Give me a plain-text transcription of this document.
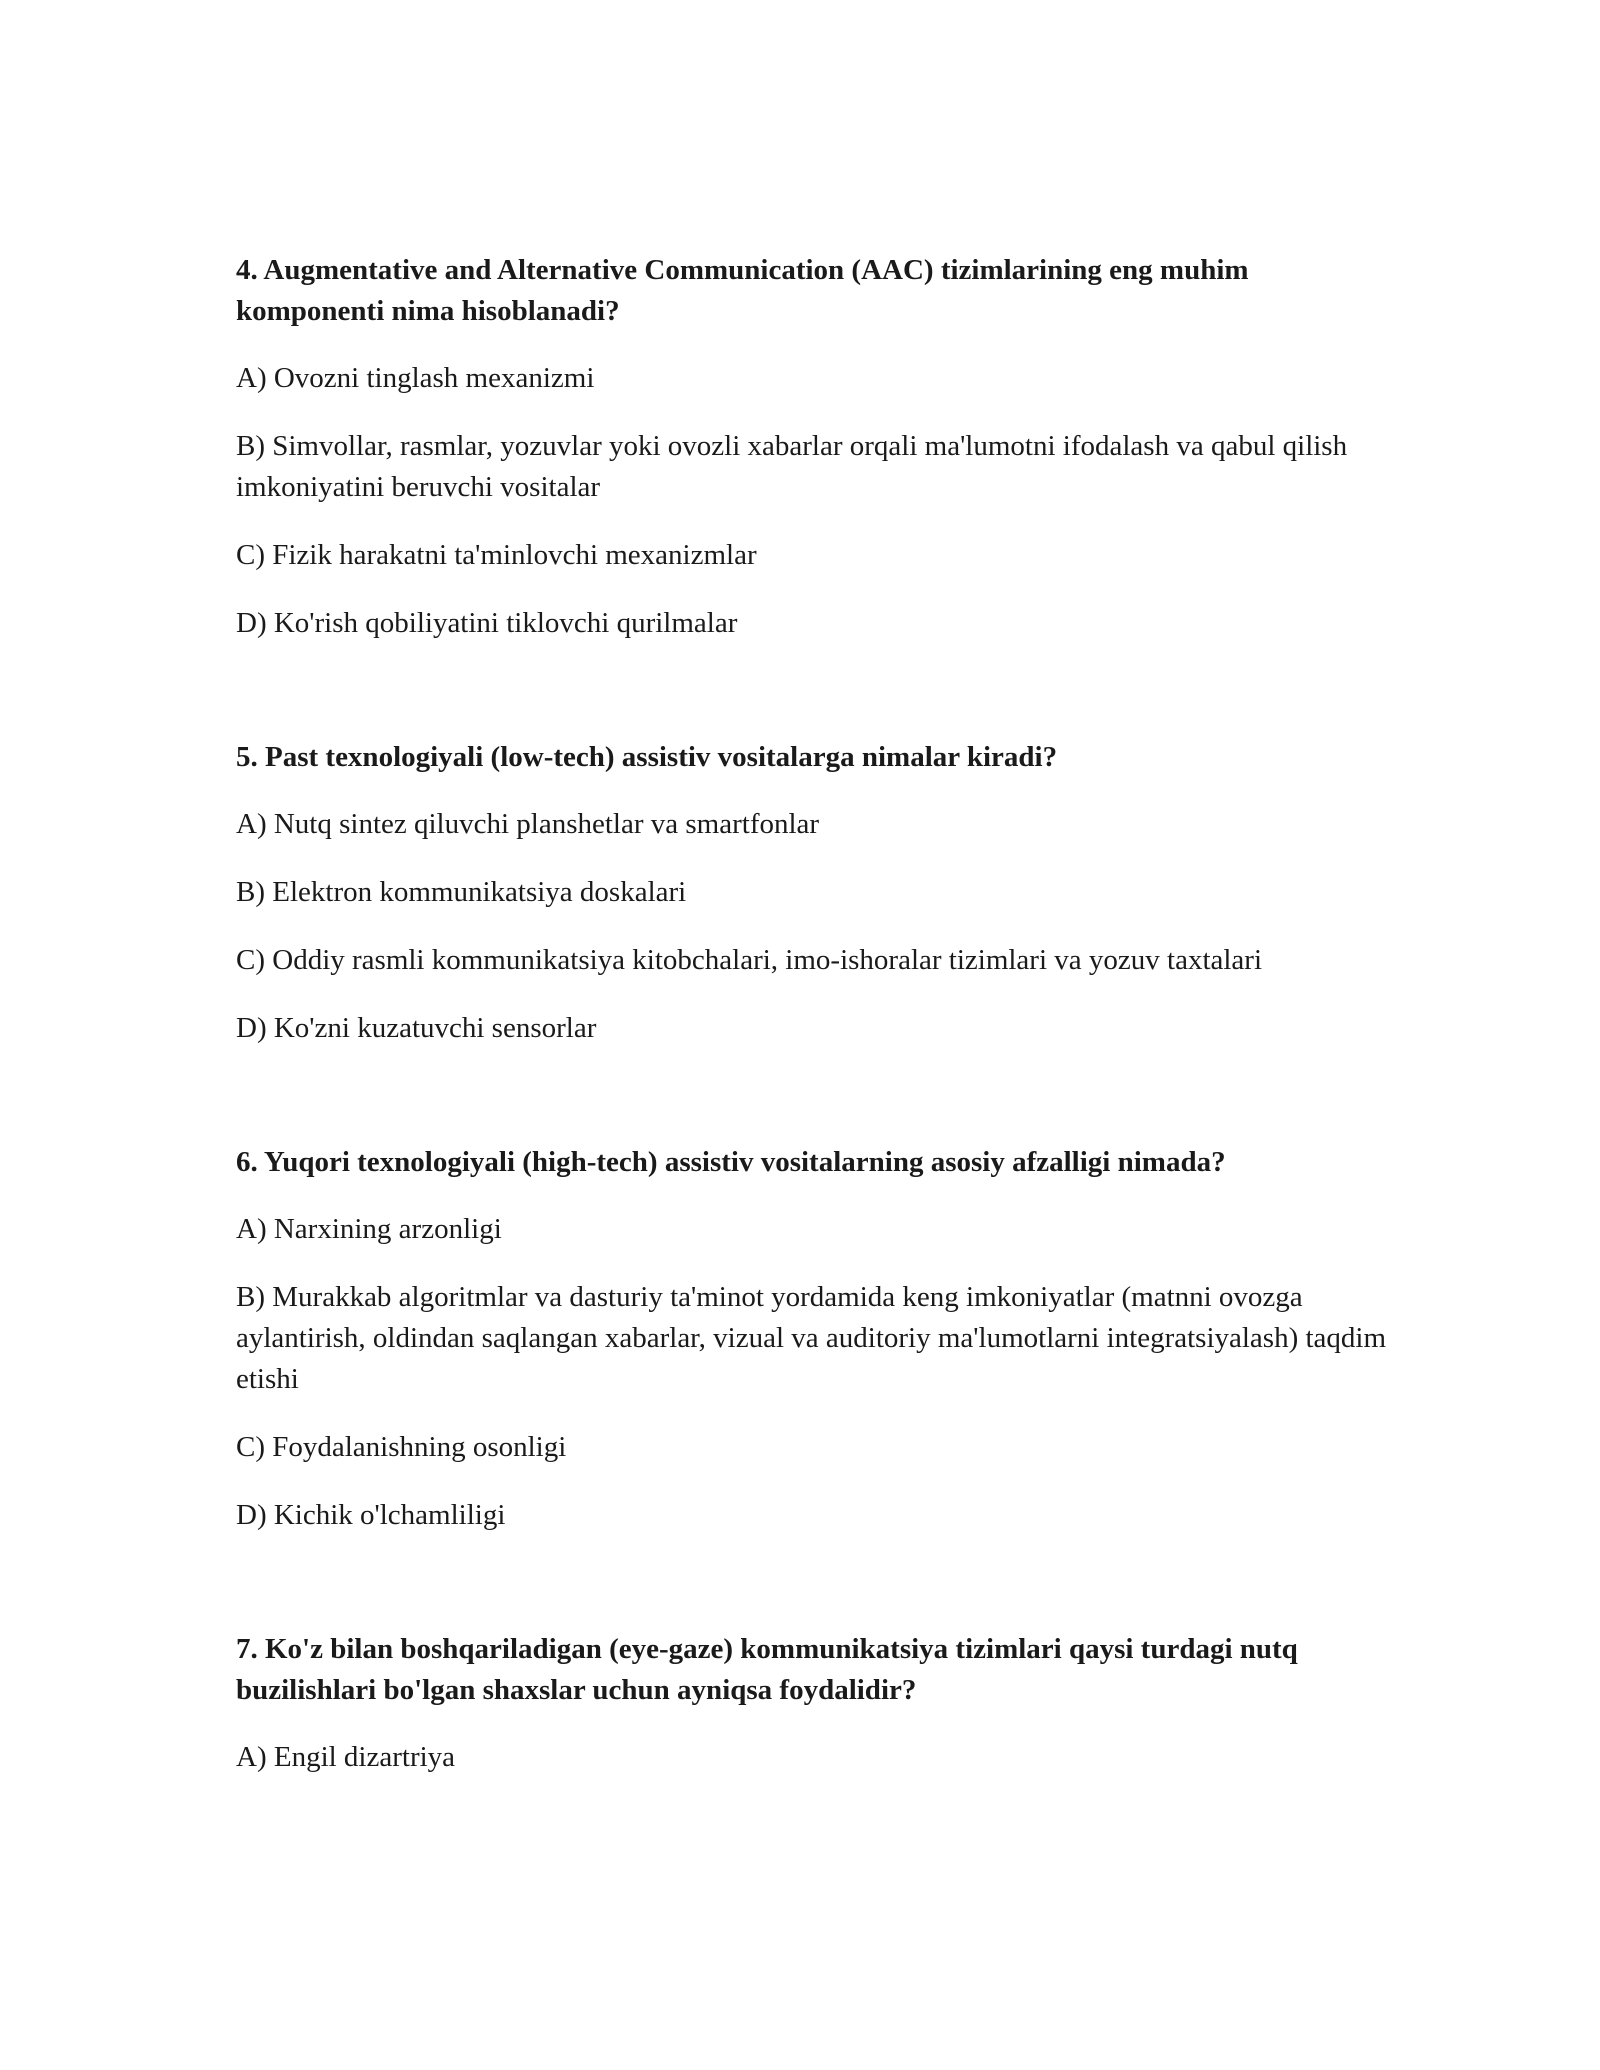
4. Augmentative and Alternative Communication (AAC) tizimlarining eng muhim komponenti nima hisoblanadi?

A) Ovozni tinglash mexanizmi

B) Simvollar, rasmlar, yozuvlar yoki ovozli xabarlar orqali ma'lumotni ifodalash va qabul qilish imkoniyatini beruvchi vositalar

C) Fizik harakatni ta'minlovchi mexanizmlar

D) Ko'rish qobiliyatini tiklovchi qurilmalar

5. Past texnologiyali (low-tech) assistiv vositalarga nimalar kiradi?

A) Nutq sintez qiluvchi planshetlar va smartfonlar

B) Elektron kommunikatsiya doskalari

C) Oddiy rasmli kommunikatsiya kitobchalari, imo-ishoralar tizimlari va yozuv taxtalari

D) Ko'zni kuzatuvchi sensorlar

6. Yuqori texnologiyali (high-tech) assistiv vositalarning asosiy afzalligi nimada?

A) Narxining arzonligi

B) Murakkab algoritmlar va dasturiy ta'minot yordamida keng imkoniyatlar (matnni ovozga aylantirish, oldindan saqlangan xabarlar, vizual va auditoriy ma'lumotlarni integratsiyalash) taqdim etishi

C) Foydalanishning osonligi

D) Kichik o'lchamliligi

7. Ko'z bilan boshqariladigan (eye-gaze) kommunikatsiya tizimlari qaysi turdagi nutq buzilishlari bo'lgan shaxslar uchun ayniqsa foydalidir?

A) Engil dizartriya
